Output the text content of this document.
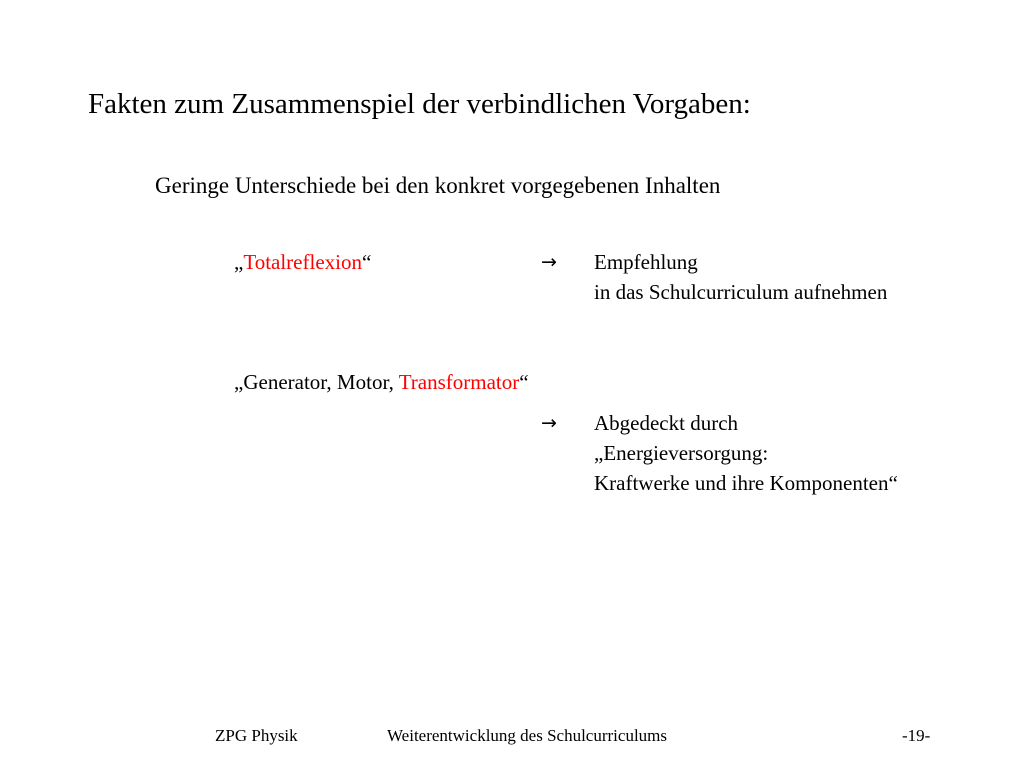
Fakten zum Zusammenspiel der verbindlichen Vorgaben:
Geringe Unterschiede bei den konkret vorgegebenen Inhalten
„Totalreflexion“	→ Empfehlung
in das Schulcurriculum aufnehmen
„Generator, Motor, Transformator“
→ Abgedeckt durch
„Energieversorgung:
Kraftwerke und ihre Komponenten“
ZPG Physik	Weiterentwicklung des Schulcurriculums	-19-
